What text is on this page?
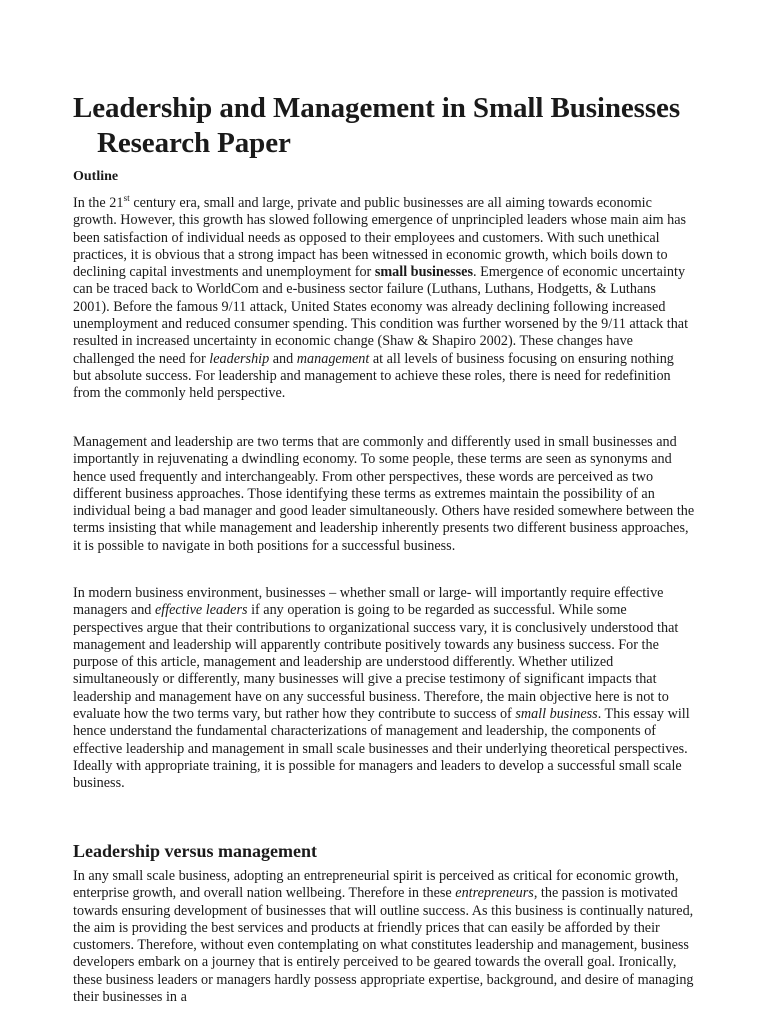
Leadership and Management in Small Businesses Research Paper

Outline

In the 21st century era, small and large, private and public businesses are all aiming towards economic growth. However, this growth has slowed following emergence of unprincipled leaders whose main aim has been satisfaction of individual needs as opposed to their employees and customers. With such unethical practices, it is obvious that a strong impact has been witnessed in economic growth, which boils down to declining capital investments and unemployment for small businesses. Emergence of economic uncertainty can be traced back to WorldCom and e-business sector failure (Luthans, Luthans, Hodgetts, & Luthans 2001). Before the famous 9/11 attack, United States economy was already declining following increased unemployment and reduced consumer spending. This condition was further worsened by the 9/11 attack that resulted in increased uncertainty in economic change (Shaw & Shapiro 2002). These changes have challenged the need for leadership and management at all levels of business focusing on ensuring nothing but absolute success. For leadership and management to achieve these roles, there is need for redefinition from the commonly held perspective.

Management and leadership are two terms that are commonly and differently used in small businesses and importantly in rejuvenating a dwindling economy. To some people, these terms are seen as synonyms and hence used frequently and interchangeably. From other perspectives, these words are perceived as two different business approaches. Those identifying these terms as extremes maintain the possibility of an individual being a bad manager and good leader simultaneously. Others have resided somewhere between the terms insisting that while management and leadership inherently presents two different business approaches, it is possible to navigate in both positions for a successful business.

In modern business environment, businesses – whether small or large- will importantly require effective managers and effective leaders if any operation is going to be regarded as successful. While some perspectives argue that their contributions to organizational success vary, it is conclusively understood that management and leadership will apparently contribute positively towards any business success. For the purpose of this article, management and leadership are understood differently. Whether utilized simultaneously or differently, many businesses will give a precise testimony of significant impacts that leadership and management have on any successful business. Therefore, the main objective here is not to evaluate how the two terms vary, but rather how they contribute to success of small business. This essay will hence understand the fundamental characterizations of management and leadership, the components of effective leadership and management in small scale businesses and their underlying theoretical perspectives. Ideally with appropriate training, it is possible for managers and leaders to develop a successful small scale business.

Leadership versus management

In any small scale business, adopting an entrepreneurial spirit is perceived as critical for economic growth, enterprise growth, and overall nation wellbeing. Therefore in these entrepreneurs, the passion is motivated towards ensuring development of businesses that will outline success. As this business is continually natured, the aim is providing the best services and products at friendly prices that can easily be afforded by their customers. Therefore, without even contemplating on what constitutes leadership and management, business developers embark on a journey that is entirely perceived to be geared towards the overall goal. Ironically, these business leaders or managers hardly possess appropriate expertise, background, and desire of managing their businesses in a
